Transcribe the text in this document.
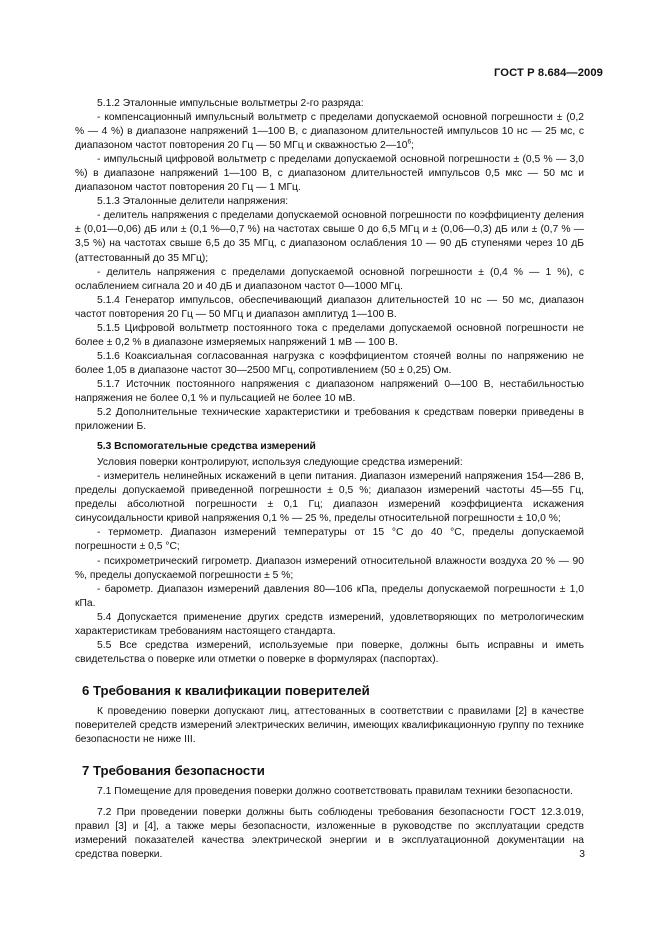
ГОСТ Р 8.684—2009

5.1.2 Эталонные импульсные вольтметры 2-го разряда:

- компенсационный импульсный вольтметр с пределами допускаемой основной погрешности ± (0,2 % — 4 %) в диапазоне напряжений 1—100 В, с диапазоном длительностей импульсов 10 нс — 25 мс, с диапазоном частот повторения 20 Гц — 50 МГц и скважностью $2—10^6$;

- импульсный цифровой вольтметр с пределами допускаемой основной погрешности ± (0,5 % — 3,0 %) в диапазоне напряжений 1—100 В, с диапазоном длительностей импульсов 0,5 мкс — 50 мс и диапазоном частот повторения 20 Гц — 1 МГц.

5.1.3 Эталонные делители напряжения:

- делитель напряжения с пределами допускаемой основной погрешности по коэффициенту деления ± (0,01—0,06) дБ или ± (0,1 %—0,7 %) на частотах свыше 0 до 6,5 МГц и ± (0,06—0,3) дБ или ± (0,7 % — 3,5 %) на частотах свыше 6,5 до 35 МГц, с диапазоном ослабления 10 — 90 дБ ступенями через 10 дБ (аттестованный до 35 МГц);

- делитель напряжения с пределами допускаемой основной погрешности ± (0,4 % — 1 %), с ослаблением сигнала 20 и 40 дБ и диапазоном частот 0—1000 МГц.

5.1.4 Генератор импульсов, обеспечивающий диапазон длительностей 10 нс — 50 мс, диапазон частот повторения 20 Гц — 50 МГц и диапазон амплитуд 1—100 В.

5.1.5 Цифровой вольтметр постоянного тока с пределами допускаемой основной погрешности не более ± 0,2 % в диапазоне измеряемых напряжений 1 мВ — 100 В.

5.1.6 Коаксиальная согласованная нагрузка с коэффициентом стоячей волны по напряжению не более 1,05 в диапазоне частот 30—2500 МГц, сопротивлением (50 ± 0,25) Ом.

5.1.7 Источник постоянного напряжения с диапазоном напряжений 0—100 В, нестабильностью напряжения не более 0,1 % и пульсацией не более 10 мВ.

5.2 Дополнительные технические характеристики и требования к средствам поверки приведены в приложении Б.

5.3 Вспомогательные средства измерений

Условия поверки контролируют, используя следующие средства измерений:

- измеритель нелинейных искажений в цепи питания. Диапазон измерений напряжения 154—286 В, пределы допускаемой приведенной погрешности ± 0,5 %; диапазон измерений частоты 45—55 Гц, пределы абсолютной погрешности ± 0,1 Гц; диапазон измерений коэффициента искажения синусоидальности кривой напряжения 0,1 % — 25 %, пределы относительной погрешности ± 10,0 %;

- термометр. Диапазон измерений температуры от 15 °С до 40 °С, пределы допускаемой погрешности ± 0,5 °С;

- психрометрический гигрометр. Диапазон измерений относительной влажности воздуха 20 % — 90 %, пределы допускаемой погрешности ± 5 %;

- барометр. Диапазон измерений давления 80—106 кПа, пределы допускаемой погрешности ± 1,0 кПа.

5.4 Допускается применение других средств измерений, удовлетворяющих по метрологическим характеристикам требованиям настоящего стандарта.

5.5 Все средства измерений, используемые при поверке, должны быть исправны и иметь свидетельства о поверке или отметки о поверке в формулярах (паспортах).

6 Требования к квалификации поверителей

К проведению поверки допускают лиц, аттестованных в соответствии с правилами [2] в качестве поверителей средств измерений электрических величин, имеющих квалификационную группу по технике безопасности не ниже III.

7 Требования безопасности

7.1 Помещение для проведения поверки должно соответствовать правилам техники безопасности.

7.2 При проведении поверки должны быть соблюдены требования безопасности ГОСТ 12.3.019, правил [3] и [4], а также меры безопасности, изложенные в руководстве по эксплуатации средств измерений показателей качества электрической энергии и в эксплуатационной документации на средства поверки.	3
